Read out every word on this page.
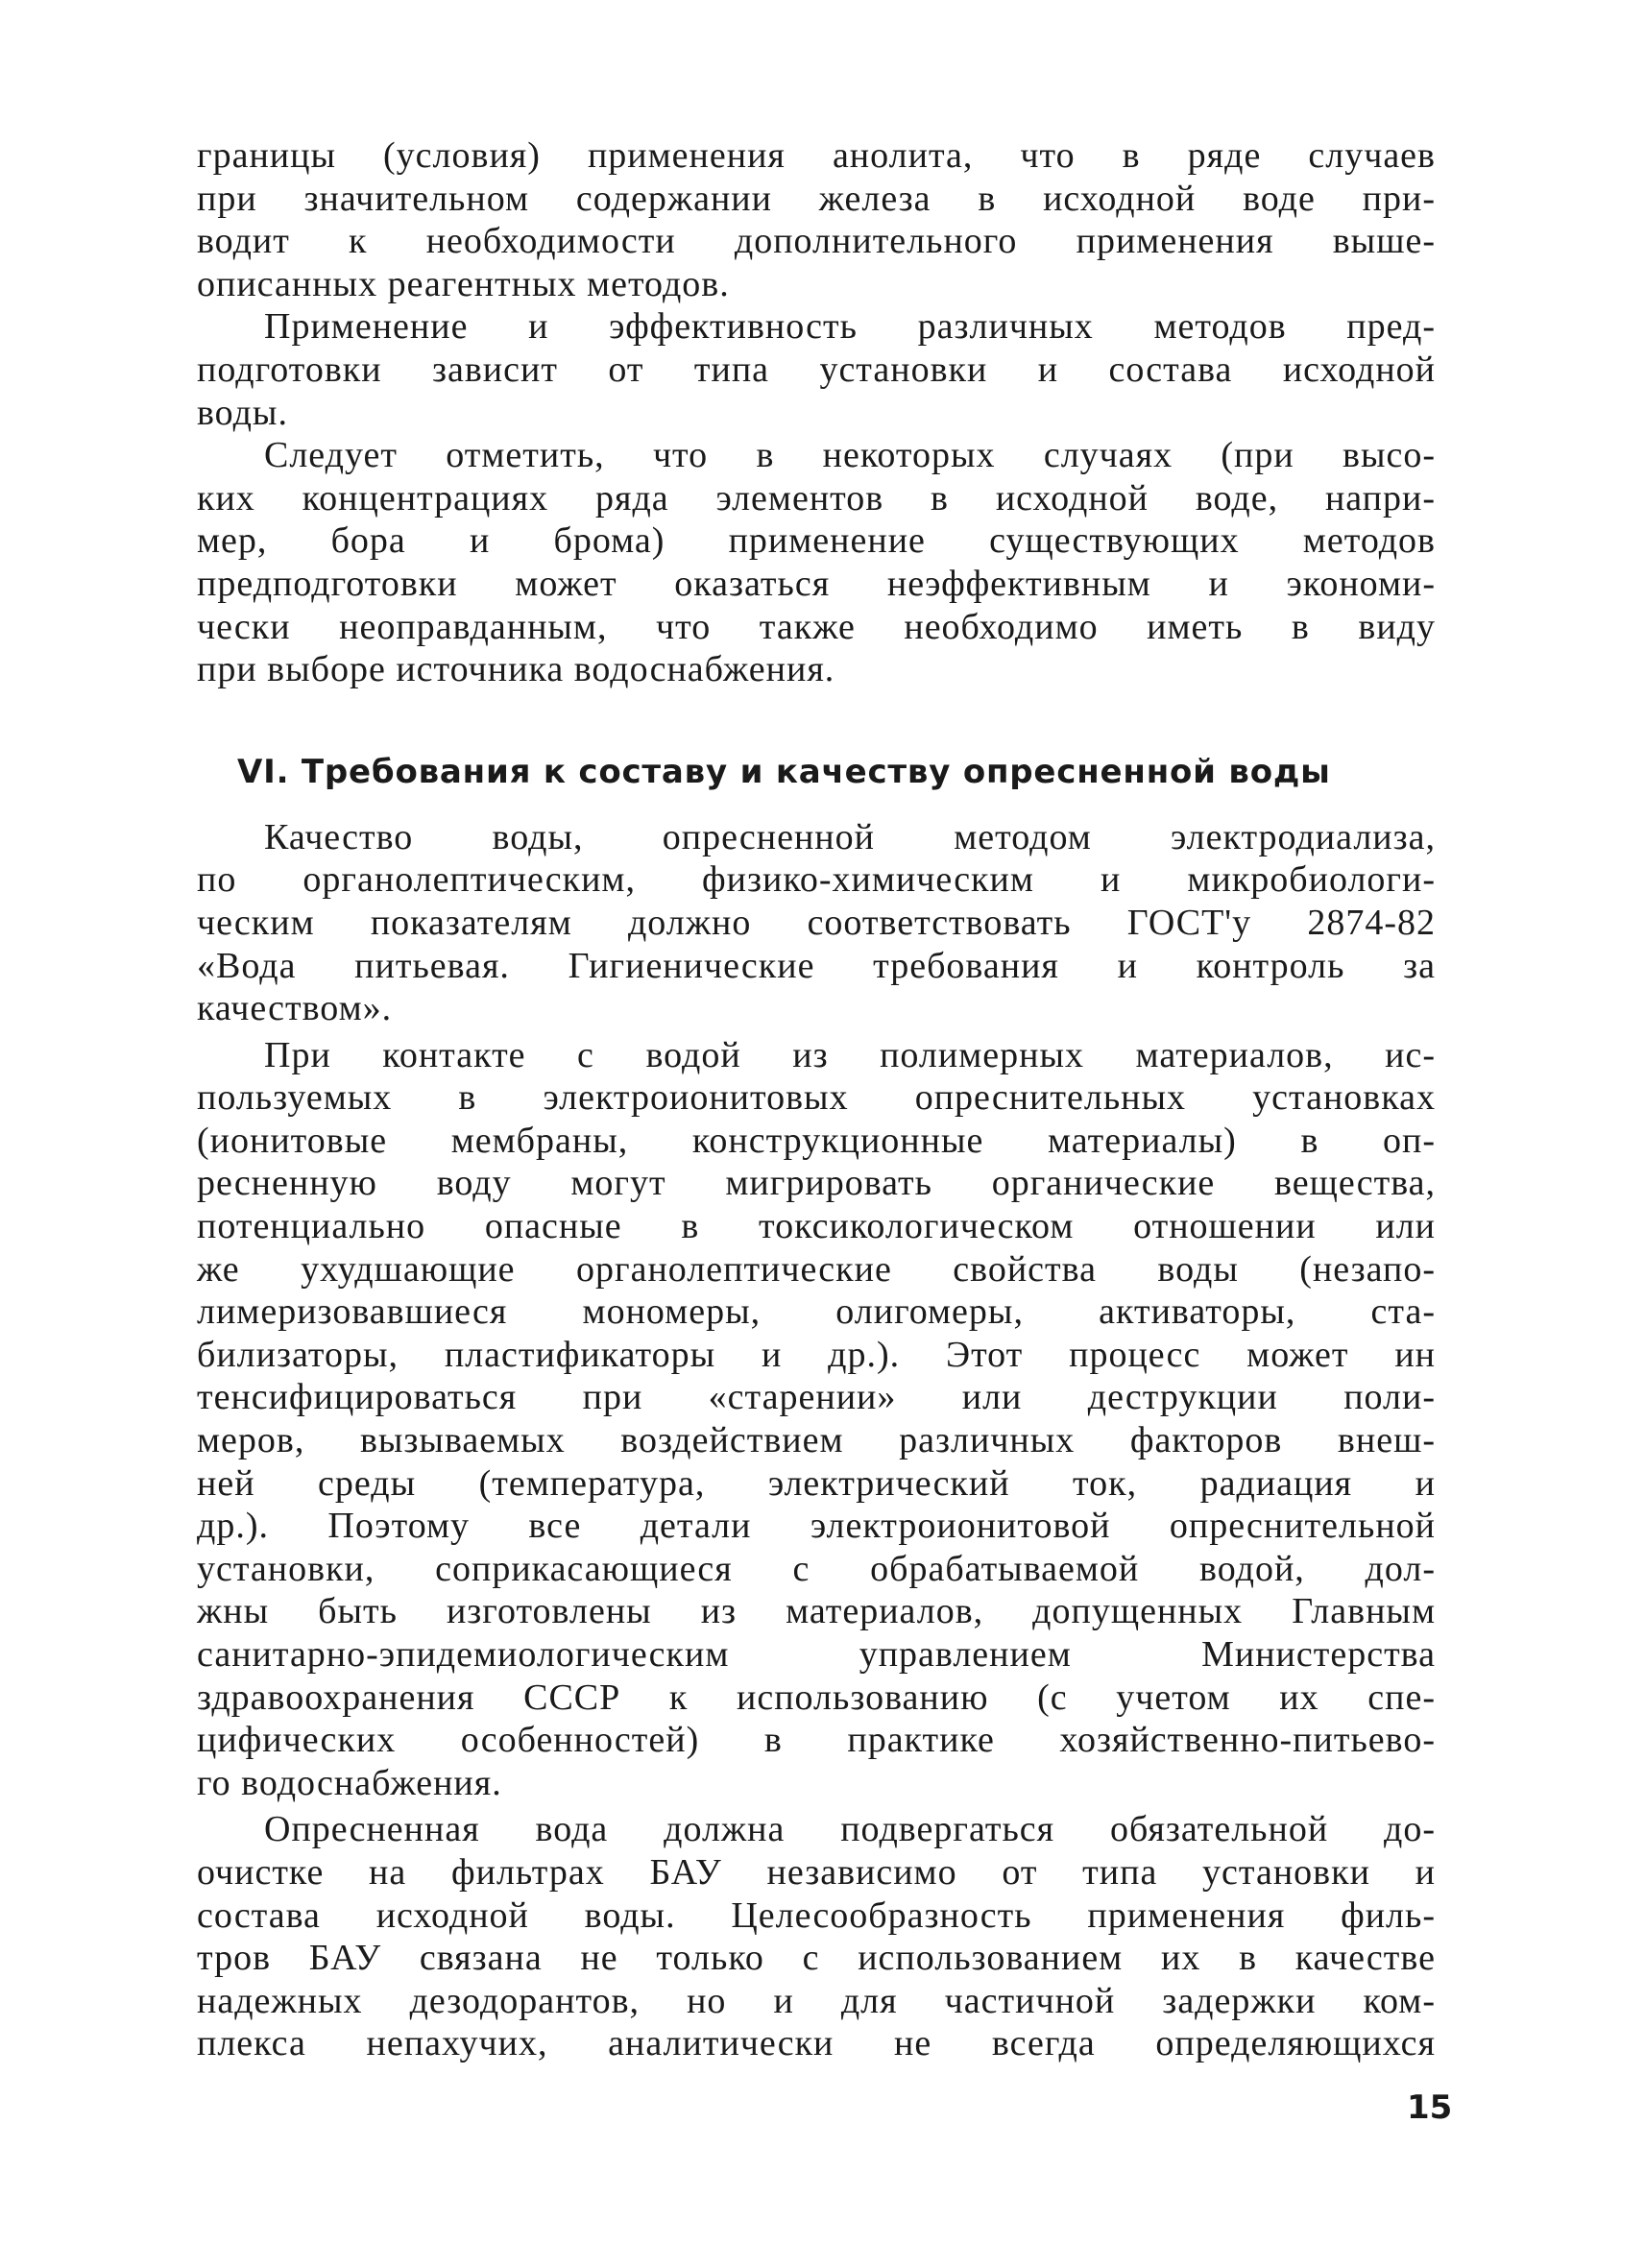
границы (условия) применения анолита, что в ряде случаев
при значительном содержании железа в исходной воде при-
водит к необходимости дополнительного применения выше-
описанных реагентных методов.
Применение и эффективность различных методов пред-
подготовки зависит от типа установки и состава исходной
воды.
Следует отметить, что в некоторых случаях (при высо-
ких концентрациях ряда элементов в исходной воде, напри-
мер, бора и брома) применение существующих методов
предподготовки может оказаться неэффективным и экономи-
чески неоправданным, что также необходимо иметь в виду
при выборе источника водоснабжения.
VI. Требования к составу и качеству опресненной воды
Качество воды, опресненной методом электродиализа,
по органолептическим, физико-химическим и микробиологи-
ческим показателям должно соответствовать ГОСТ'у 2874-82
«Вода питьевая. Гигиенические требования и контроль за
качеством».
При контакте с водой из полимерных материалов, ис-
пользуемых в электроионитовых опреснительных установках
(ионитовые мембраны, конструкционные материалы) в оп-
ресненную воду могут мигрировать органические вещества,
потенциально опасные в токсикологическом отношении или
же ухудшающие органолептические свойства воды (незапо-
лимеризовавшиеся мономеры, олигомеры, активаторы, ста-
билизаторы, пластификаторы и др.). Этот процесс может ин
тенсифицироваться при «старении» или деструкции поли-
меров, вызываемых воздействием различных факторов внеш-
ней среды (температура, электрический ток, радиация и
др.). Поэтому все детали электроионитовой опреснительной
установки, соприкасающиеся с обрабатываемой водой, дол-
жны быть изготовлены из материалов, допущенных Главным
санитарно-эпидемиологическим управлением Министерства
здравоохранения СССР к использованию (с учетом их спе-
цифических особенностей) в практике хозяйственно-питьево-
го водоснабжения.
Опресненная вода должна подвергаться обязательной до-
очистке на фильтрах БАУ независимо от типа установки и
состава исходной воды. Целесообразность применения филь-
тров БАУ связана не только с использованием их в качестве
надежных дезодорантов, но и для частичной задержки ком-
плекса непахучих, аналитически не всегда определяющихся
15
